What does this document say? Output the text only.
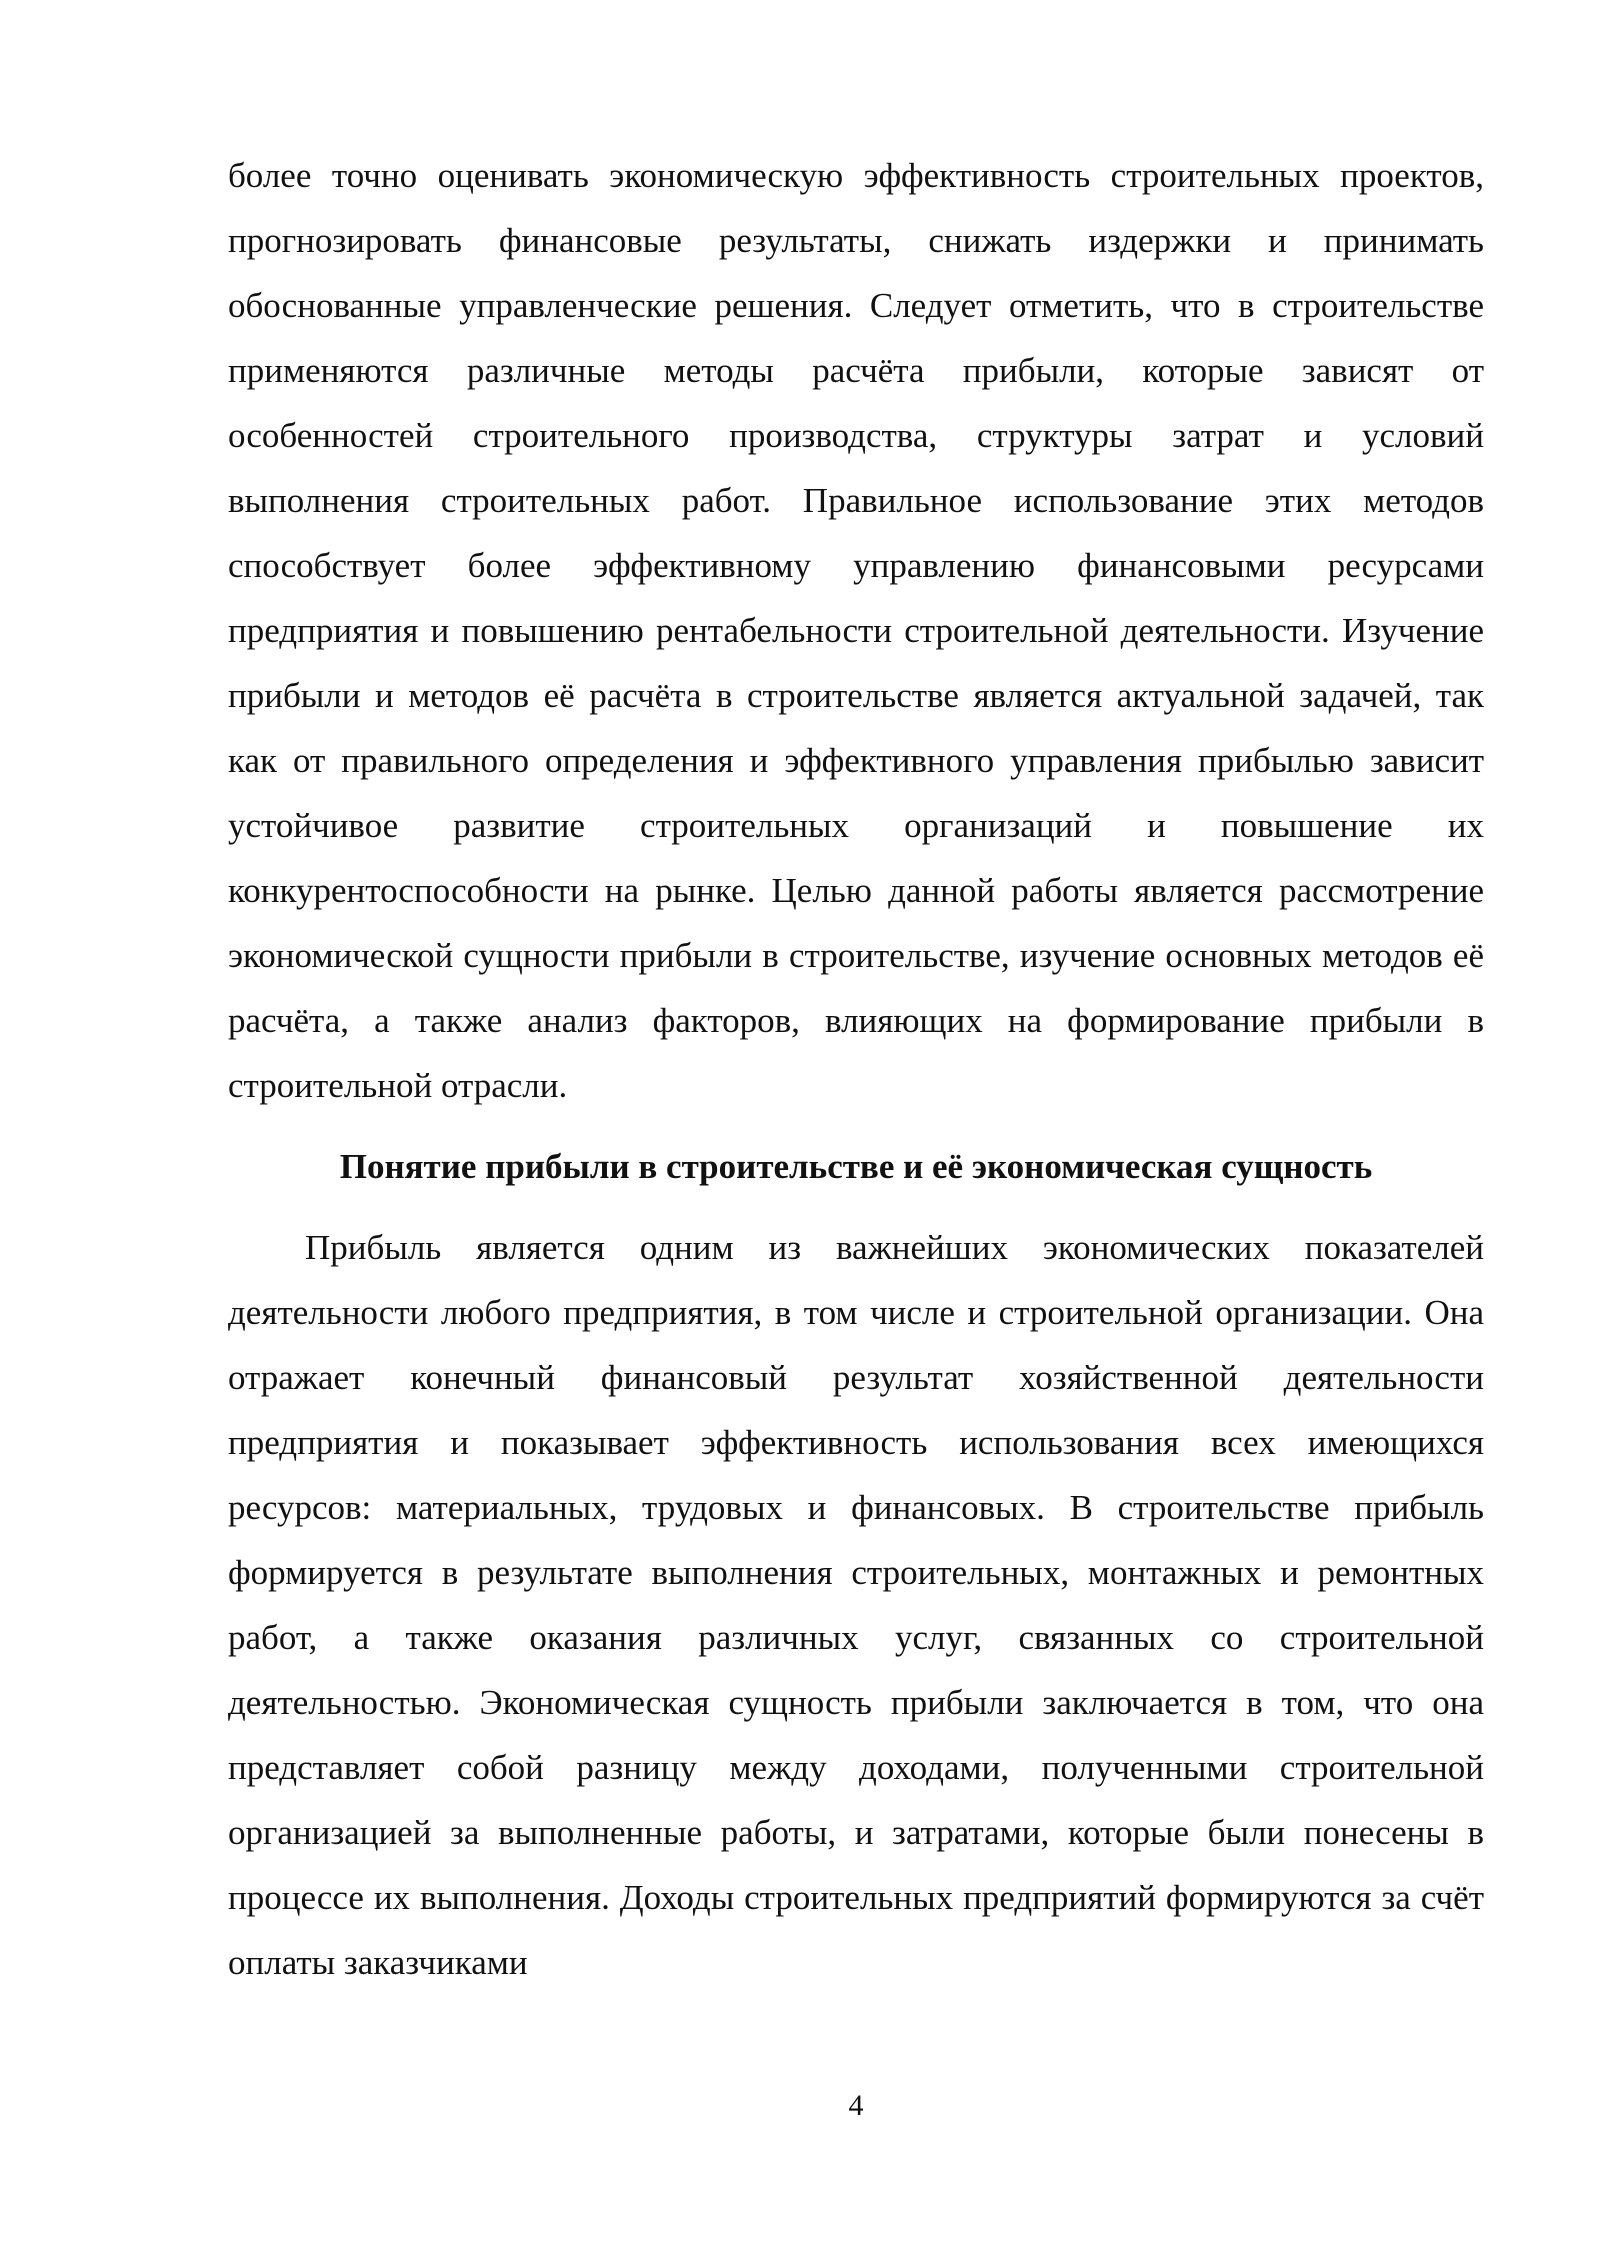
более точно оценивать экономическую эффективность строительных проектов, прогнозировать финансовые результаты, снижать издержки и принимать обоснованные управленческие решения. Следует отметить, что в строительстве применяются различные методы расчёта прибыли, которые зависят от особенностей строительного производства, структуры затрат и условий выполнения строительных работ. Правильное использование этих методов способствует более эффективному управлению финансовыми ресурсами предприятия и повышению рентабельности строительной деятельности. Изучение прибыли и методов её расчёта в строительстве является актуальной задачей, так как от правильного определения и эффективного управления прибылью зависит устойчивое развитие строительных организаций и повышение их конкурентоспособности на рынке. Целью данной работы является рассмотрение экономической сущности прибыли в строительстве, изучение основных методов её расчёта, а также анализ факторов, влияющих на формирование прибыли в строительной отрасли.

Понятие прибыли в строительстве и её экономическая сущность

Прибыль является одним из важнейших экономических показателей деятельности любого предприятия, в том числе и строительной организации. Она отражает конечный финансовый результат хозяйственной деятельности предприятия и показывает эффективность использования всех имеющихся ресурсов: материальных, трудовых и финансовых. В строительстве прибыль формируется в результате выполнения строительных, монтажных и ремонтных работ, а также оказания различных услуг, связанных со строительной деятельностью. Экономическая сущность прибыли заключается в том, что она представляет собой разницу между доходами, полученными строительной организацией за выполненные работы, и затратами, которые были понесены в процессе их выполнения. Доходы строительных предприятий формируются за счёт оплаты заказчиками

4
